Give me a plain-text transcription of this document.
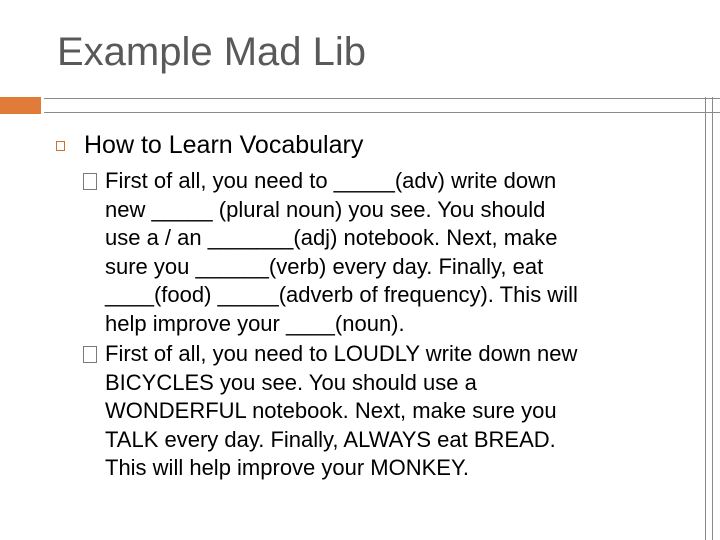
Example Mad Lib
How to Learn Vocabulary
First of all, you need to _____(adv) write down
new _____ (plural noun) you see. You should
use a / an _______(adj) notebook. Next, make
sure you ______(verb) every day. Finally, eat
____(food) _____(adverb of frequency). This will
help improve your ____(noun).
First of all, you need to LOUDLY write down new
BICYCLES you see. You should use a
WONDERFUL notebook. Next, make sure you
TALK every day. Finally, ALWAYS eat BREAD.
This will help improve your MONKEY.
